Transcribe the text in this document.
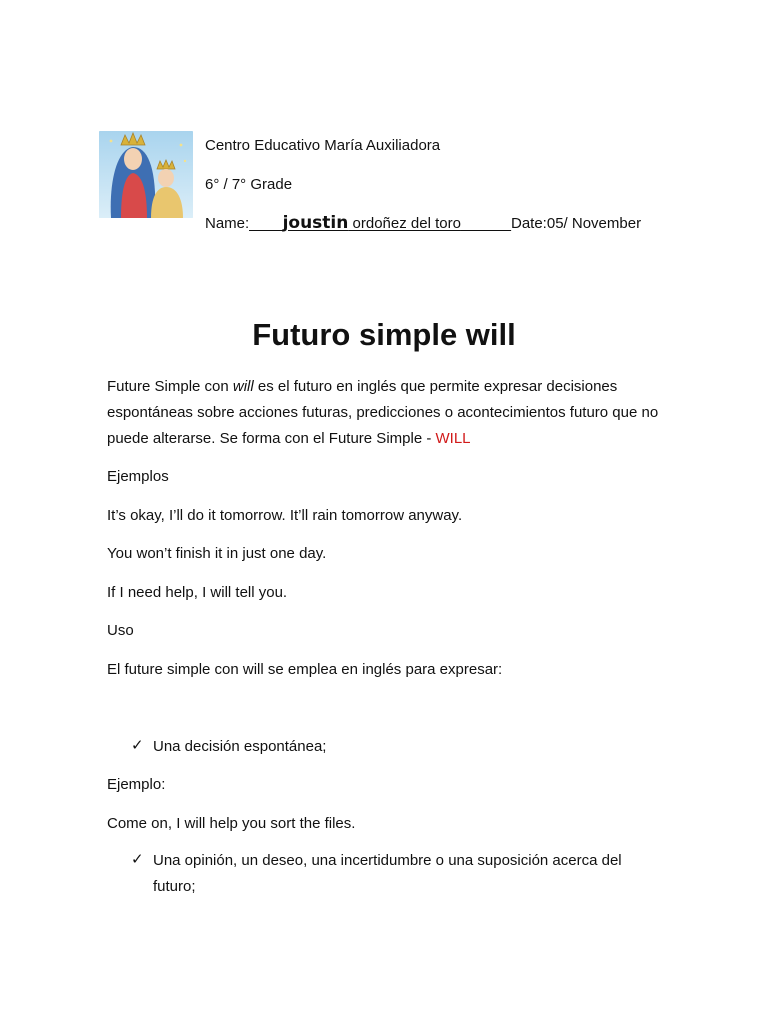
Centro Educativo María Auxiliadora
6° / 7° Grade
Name:____joustin ordoñez del toro______Date:05/ November
Futuro simple will
Future Simple con will es el futuro en inglés que permite expresar decisiones espontáneas sobre acciones futuras, predicciones o acontecimientos futuro que no puede alterarse. Se forma con el Future Simple - WILL
Ejemplos
It’s okay, I’ll do it tomorrow. It’ll rain tomorrow anyway.
You won’t finish it in just one day.
If I need help, I will tell you.
Uso
El future simple con will se emplea en inglés para expresar:
✓ Una decisión espontánea;
Ejemplo:
Come on, I will help you sort the files.
✓ Una opinión, un deseo, una incertidumbre o una suposición acerca del
futuro;
